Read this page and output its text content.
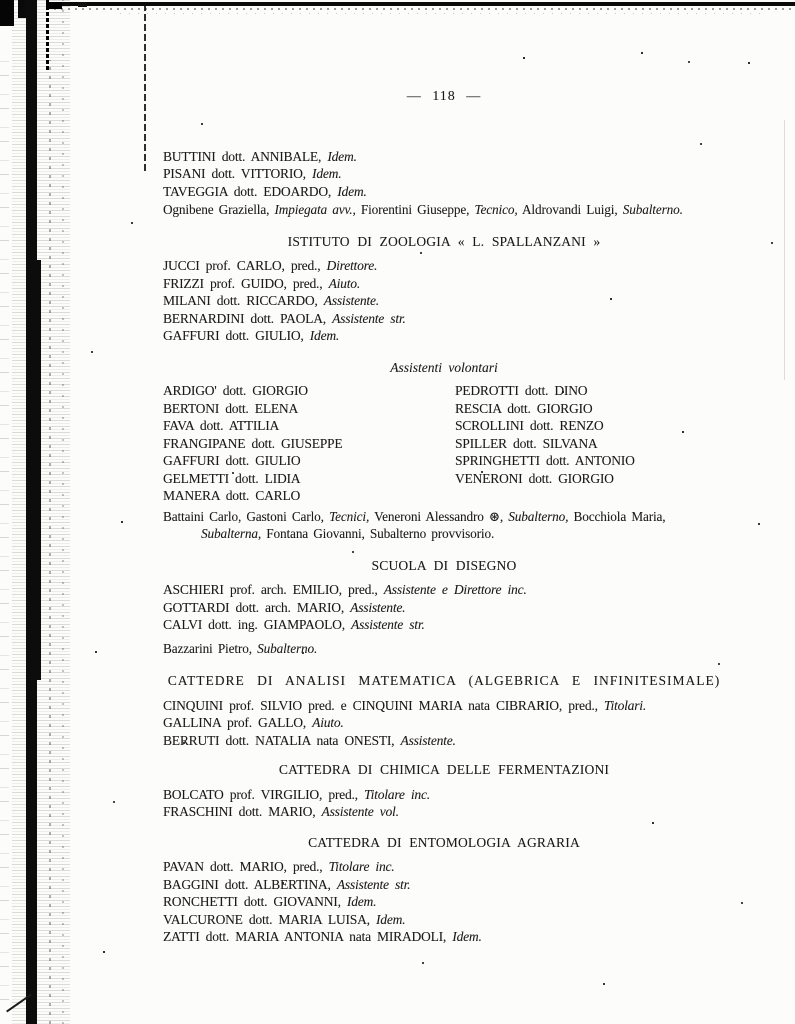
— 118 —
BUTTINI dott. ANNIBALE, Idem.
PISANI dott. VITTORIO, Idem.
TAVEGGIA dott. EDOARDO, Idem.
Ognibene Graziella, Impiegata avv., Fiorentini Giuseppe, Tecnico, Aldrovandi Luigi, Subalterno.
ISTITUTO DI ZOOLOGIA « L. SPALLANZANI »
JUCCI prof. CARLO, pred., Direttore.
FRIZZI prof. GUIDO, pred., Aiuto.
MILANI dott. RICCARDO, Assistente.
BERNARDINI dott. PAOLA, Assistente str.
GAFFURI dott. GIULIO, Idem.
Assistenti volontari
ARDIGO' dott. GIORGIO
BERTONI dott. ELENA
FAVA dott. ATTILIA
FRANGIPANE dott. GIUSEPPE
GAFFURI dott. GIULIO
GELMETTI dott. LIDIA
MANERA dott. CARLO
PEDROTTI dott. DINO
RESCIA dott. GIORGIO
SCROLLINI dott. RENZO
SPILLER dott. SILVANA
SPRINGHETTI dott. ANTONIO
VENERONI dott. GIORGIO
Battaini Carlo, Gastoni Carlo, Tecnici, Veneroni Alessandro ⊛, Subalterno, Bocchiola Maria,
Subalterna, Fontana Giovanni, Subalterno provvisorio.
SCUOLA DI DISEGNO
ASCHIERI prof. arch. EMILIO, pred., Assistente e Direttore inc.
GOTTARDI dott. arch. MARIO, Assistente.
CALVI dott. ing. GIAMPAOLO, Assistente str.
Bazzarini Pietro, Subalterno.
CATTEDRE DI ANALISI MATEMATICA (ALGEBRICA E INFINITESIMALE)
CINQUINI prof. SILVIO pred. e CINQUINI MARIA nata CIBRARIO, pred., Titolari.
GALLINA prof. GALLO, Aiuto.
BERRUTI dott. NATALIA nata ONESTI, Assistente.
CATTEDRA DI CHIMICA DELLE FERMENTAZIONI
BOLCATO prof. VIRGILIO, pred., Titolare inc.
FRASCHINI dott. MARIO, Assistente vol.
CATTEDRA DI ENTOMOLOGIA AGRARIA
PAVAN dott. MARIO, pred., Titolare inc.
BAGGINI dott. ALBERTINA, Assistente str.
RONCHETTI dott. GIOVANNI, Idem.
VALCURONE dott. MARIA LUISA, Idem.
ZATTI dott. MARIA ANTONIA nata MIRADOLI, Idem.
